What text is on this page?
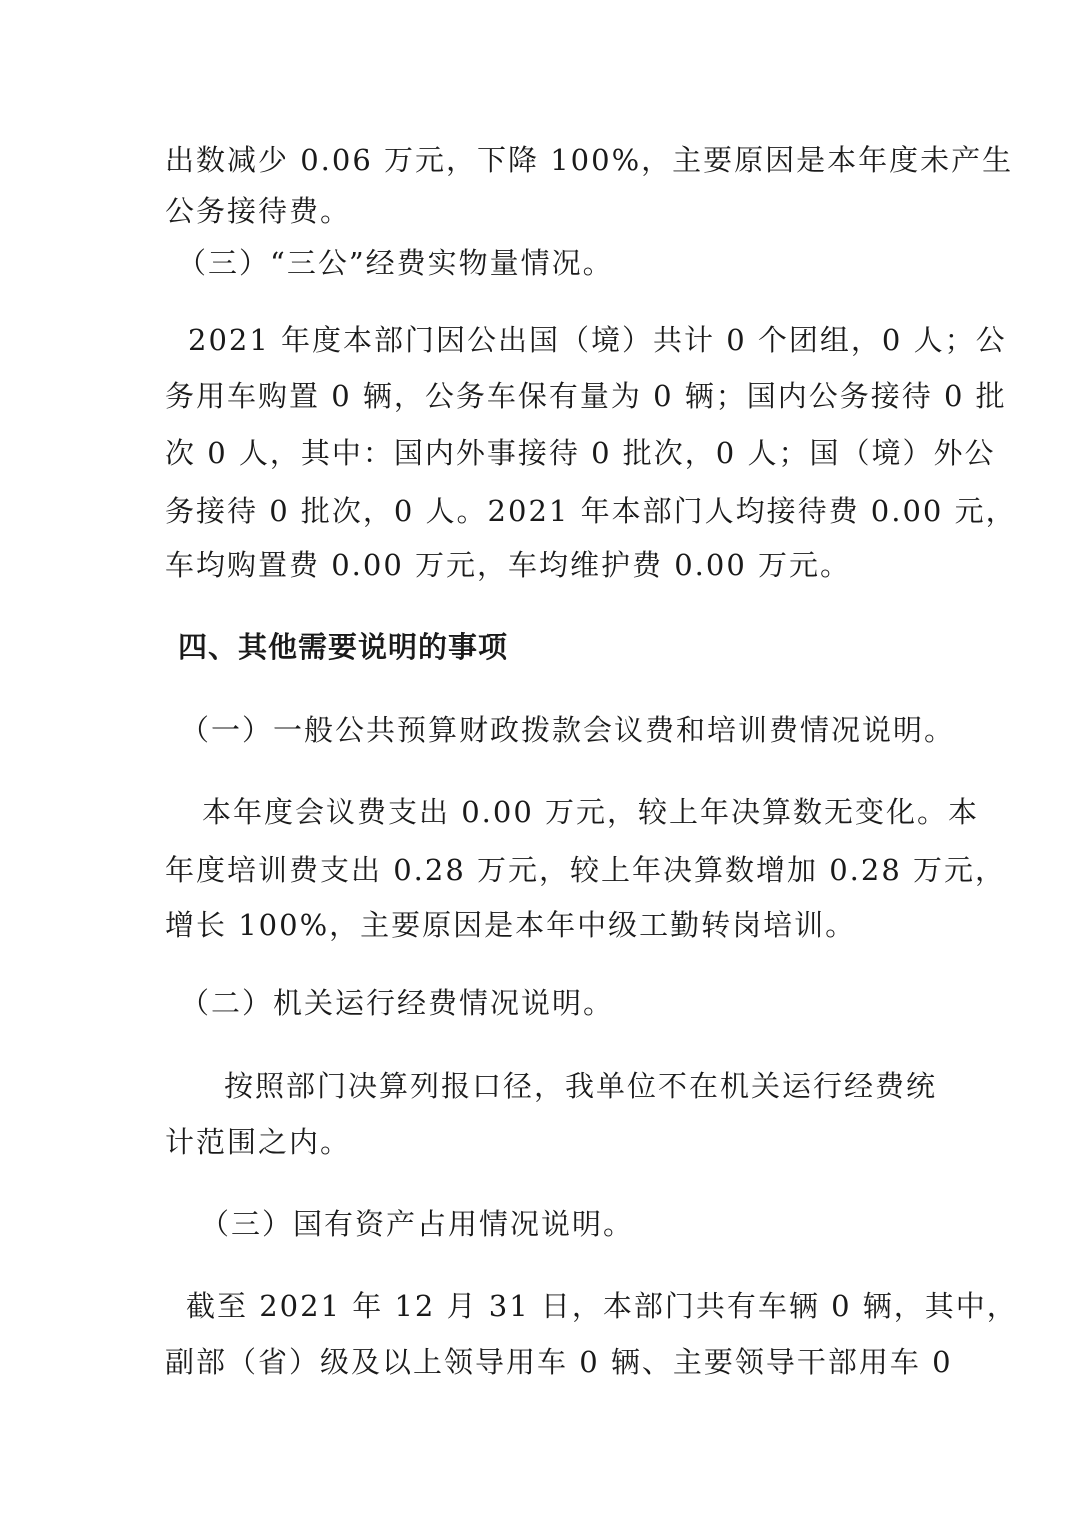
出数减少 0.06 万元，下降 100%，主要原因是本年度未产生
公务接待费。
（三）“三公”经费实物量情况。
2021 年度本部门因公出国（境）共计 0 个团组，0 人；公
务用车购置 0 辆，公务车保有量为 0 辆；国内公务接待 0 批
次 0 人，其中：国内外事接待 0 批次，0 人；国（境）外公
务接待 0 批次，0 人。2021 年本部门人均接待费 0.00 元，
车均购置费 0.00 万元，车均维护费 0.00 万元。
四、其他需要说明的事项
（一）一般公共预算财政拨款会议费和培训费情况说明。
本年度会议费支出 0.00 万元，较上年决算数无变化。本
年度培训费支出 0.28 万元，较上年决算数增加 0.28 万元，
增长 100%，主要原因是本年中级工勤转岗培训。
（二）机关运行经费情况说明。
按照部门决算列报口径，我单位不在机关运行经费统
计范围之内。
（三）国有资产占用情况说明。
截至 2021 年 12 月 31 日，本部门共有车辆 0 辆，其中，
副部（省）级及以上领导用车 0 辆、主要领导干部用车 0
